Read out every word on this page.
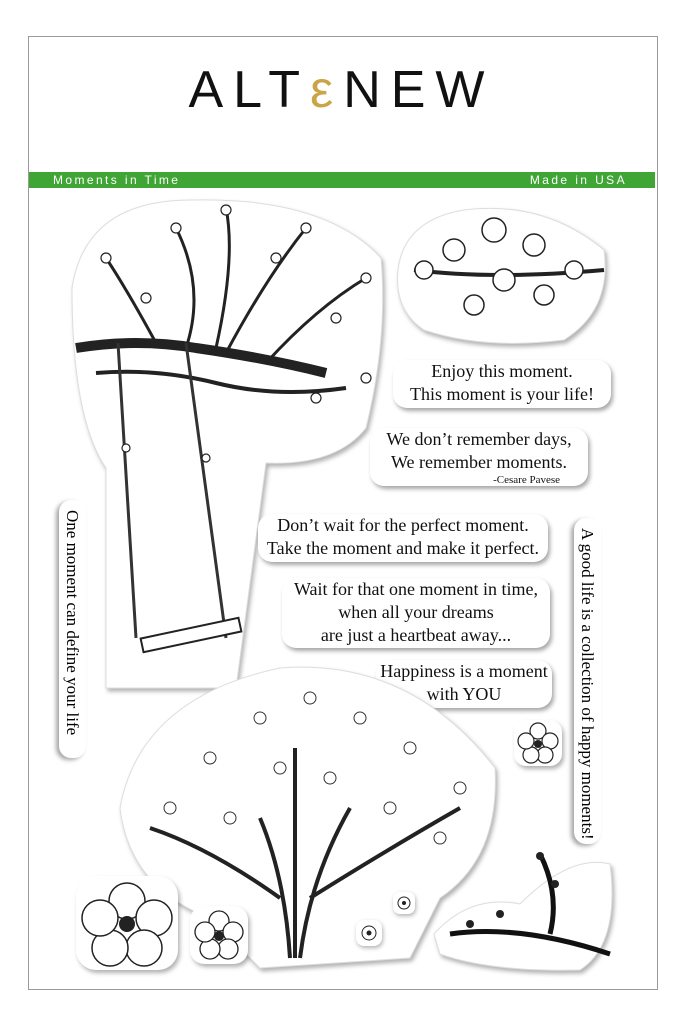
ALTεNEW
Moments in Time	Made in USA
Enjoy this moment.
This moment is your life!
We don’t remember days,
We remember moments.
-Cesare Pavese
Don’t wait for the perfect moment.
Take the moment and make it perfect.
Wait for that one moment in time,
when all your dreams
are just a heartbeat away...
Happiness is a moment
with YOU
One moment can define your life	A good life is a collection of happy moments!
